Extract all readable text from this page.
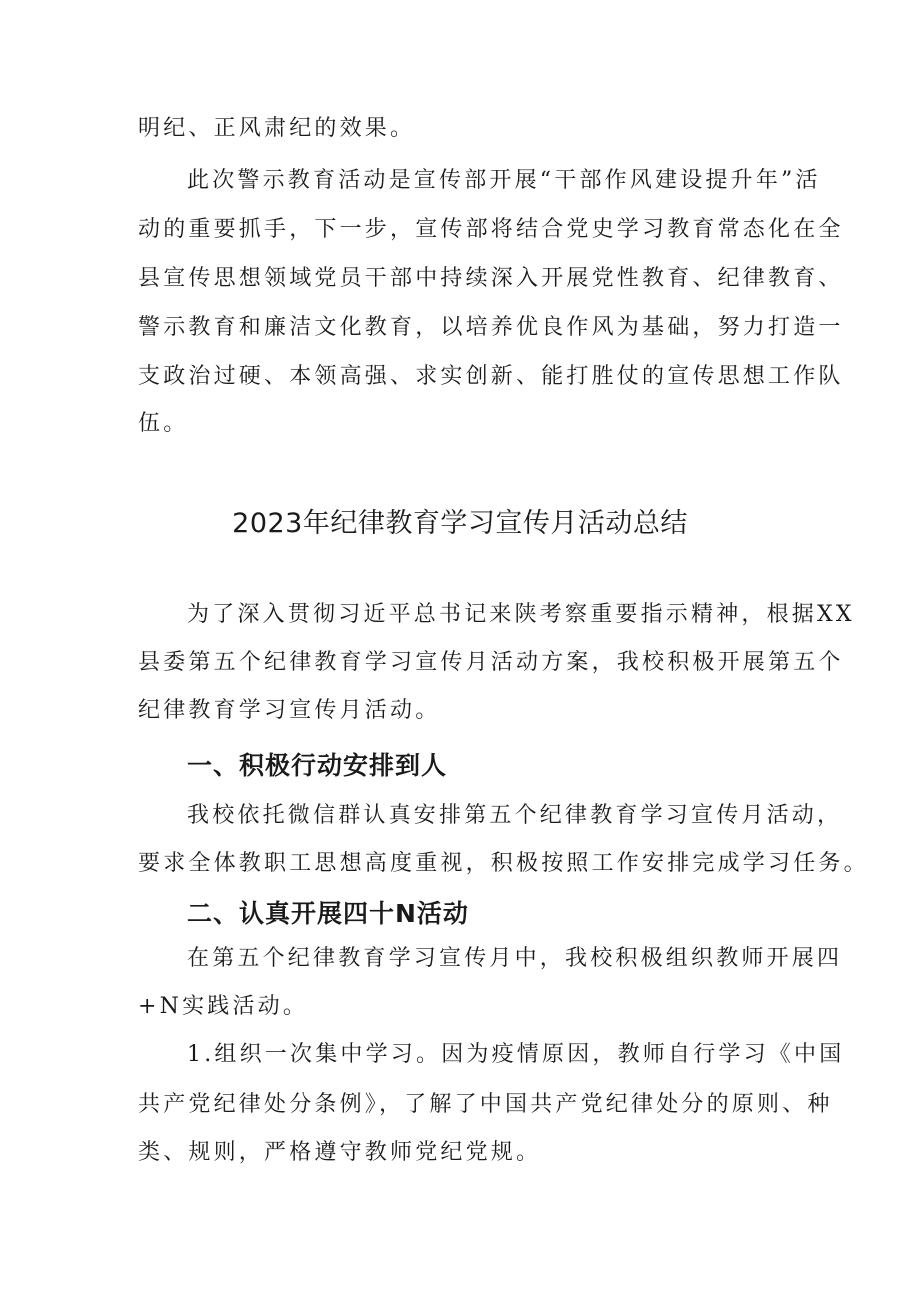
明纪、正风肃纪的效果。
此次警示教育活动是宣传部开展“干部作风建设提升年”活
动的重要抓手，下一步，宣传部将结合党史学习教育常态化在全
县宣传思想领域党员干部中持续深入开展党性教育、纪律教育、
警示教育和廉洁文化教育，以培养优良作风为基础，努力打造一
支政治过硬、本领高强、求实创新、能打胜仗的宣传思想工作队
伍。
2023年纪律教育学习宣传月活动总结
为了深入贯彻习近平总书记来陕考察重要指示精神，根据XX
县委第五个纪律教育学习宣传月活动方案，我校积极开展第五个
纪律教育学习宣传月活动。
一、积极行动安排到人
我校依托微信群认真安排第五个纪律教育学习宣传月活动，
要求全体教职工思想高度重视，积极按照工作安排完成学习任务。
二、认真开展四十N活动
在第五个纪律教育学习宣传月中，我校积极组织教师开展四
+N实践活动。
1.组织一次集中学习。因为疫情原因，教师自行学习《中国
共产党纪律处分条例》，了解了中国共产党纪律处分的原则、种
类、规则，严格遵守教师党纪党规。
